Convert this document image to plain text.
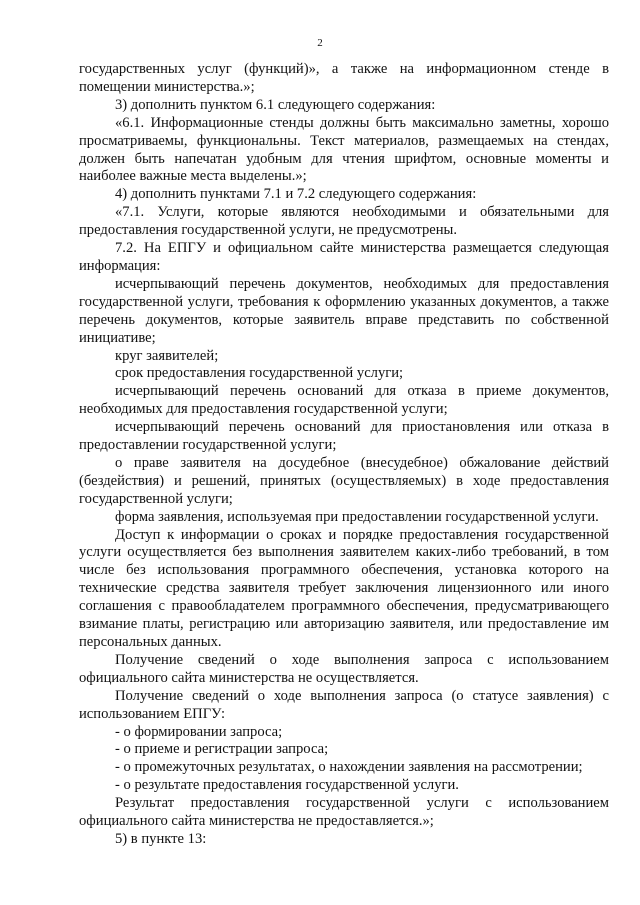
2

государственных услуг (функций)», а также на информационном стенде в помещении министерства.»;

3) дополнить пунктом 6.1 следующего содержания:

«6.1. Информационные стенды должны быть максимально заметны, хорошо просматриваемы, функциональны. Текст материалов, размещаемых на стендах, должен быть напечатан удобным для чтения шрифтом, основные моменты и наиболее важные места выделены.»;

4) дополнить пунктами 7.1 и 7.2 следующего содержания:

«7.1. Услуги, которые являются необходимыми и обязательными для предоставления государственной услуги, не предусмотрены.

7.2. На ЕПГУ и официальном сайте министерства размещается следующая информация:

исчерпывающий перечень документов, необходимых для предоставления государственной услуги, требования к оформлению указанных документов, а также перечень документов, которые заявитель вправе представить по собственной инициативе;

круг заявителей;

срок предоставления государственной услуги;

исчерпывающий перечень оснований для отказа в приеме документов, необходимых для предоставления государственной услуги;

исчерпывающий перечень оснований для приостановления или отказа в предоставлении государственной услуги;

о праве заявителя на досудебное (внесудебное) обжалование действий (бездействия) и решений, принятых (осуществляемых) в ходе предоставления государственной услуги;

форма заявления, используемая при предоставлении государственной услуги.

Доступ к информации о сроках и порядке предоставления государственной услуги осуществляется без выполнения заявителем каких-либо требований, в том числе без использования программного обеспечения, установка которого на технические средства заявителя требует заключения лицензионного или иного соглашения с правообладателем программного обеспечения, предусматривающего взимание платы, регистрацию или авторизацию заявителя, или предоставление им персональных данных.

Получение сведений о ходе выполнения запроса с использованием официального сайта министерства не осуществляется.

Получение сведений о ходе выполнения запроса (о статусе заявления) с использованием ЕПГУ:

- о формировании запроса;

- о приеме и регистрации запроса;

- о промежуточных результатах, о нахождении заявления на рассмотрении;

- о результате предоставления государственной услуги.

Результат предоставления государственной услуги с использованием официального сайта министерства не предоставляется.»;

5) в пункте 13:
